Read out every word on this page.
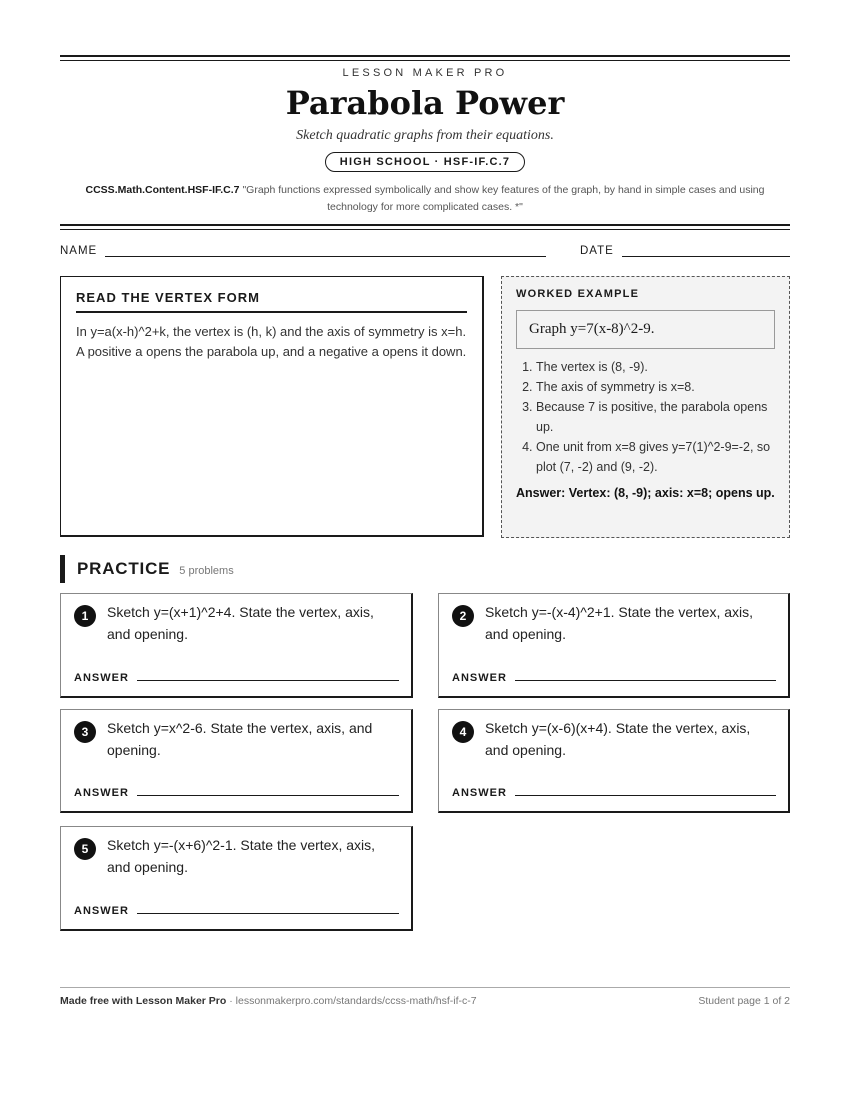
LESSON MAKER PRO
Parabola Power
Sketch quadratic graphs from their equations.
HIGH SCHOOL · HSF-IF.C.7
CCSS.Math.Content.HSF-IF.C.7 "Graph functions expressed symbolically and show key features of the graph, by hand in simple cases and using technology for more complicated cases. *"
NAME	DATE
READ THE VERTEX FORM

In y=a(x-h)^2+k, the vertex is (h, k) and the axis of symmetry is x=h. A positive a opens the parabola up, and a negative a opens it down.

WORKED EXAMPLE
Graph y=7(x-8)^2-9.
1. The vertex is (8, -9).
2. The axis of symmetry is x=8.
3. Because 7 is positive, the parabola opens up.
4. One unit from x=8 gives y=7(1)^2-9=-2, so plot (7, -2) and (9, -2).
Answer: Vertex: (8, -9); axis: x=8; opens up.
PRACTICE 5 problems
1	Sketch y=(x+1)^2+4. State the vertex, axis, and opening.
ANSWER
2	Sketch y=-(x-4)^2+1. State the vertex, axis, and opening.
ANSWER
3	Sketch y=x^2-6. State the vertex, axis, and opening.
ANSWER
4	Sketch y=(x-6)(x+4). State the vertex, axis, and opening.
ANSWER
5	Sketch y=-(x+6)^2-1. State the vertex, axis, and opening.
ANSWER
Made free with Lesson Maker Pro · lessonmakerpro.com/standards/ccss-math/hsf-if-c-7	Student page 1 of 2
